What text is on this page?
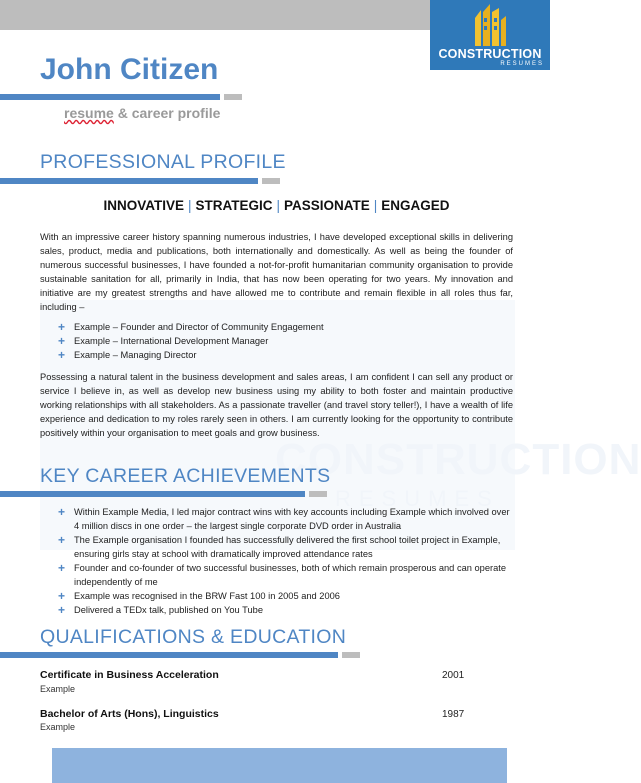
CONSTRUCTION
RESUMES
CONSTRUCTION
RESUMES
John Citizen
resume & career profile
PROFESSIONAL PROFILE
INNOVATIVE | STRATEGIC | PASSIONATE | ENGAGED
With an impressive career history spanning numerous industries, I have developed exceptional skills in delivering sales, product, media and publications, both internationally and domestically. As well as being the founder of numerous successful businesses, I have founded a not-for-profit humanitarian community organisation to provide sustainable sanitation for all, primarily in India, that has now been operating for two years. My innovation and initiative are my greatest strengths and have allowed me to contribute and remain flexible in all roles thus far, including –
+ Example – Founder and Director of Community Engagement
+ Example – International Development Manager
+ Example – Managing Director
Possessing a natural talent in the business development and sales areas, I am confident I can sell any product or service I believe in, as well as develop new business using my ability to both foster and maintain productive working relationships with all stakeholders. As a passionate traveller (and travel story teller!), I have a wealth of life experience and dedication to my roles rarely seen in others. I am currently looking for the opportunity to contribute positively within your organisation to meet goals and grow business.
KEY CAREER ACHIEVEMENTS
+ Within Example Media, I led major contract wins with key accounts including Example which involved over 4 million discs in one order – the largest single corporate DVD order in Australia
+ The Example organisation I founded has successfully delivered the first school toilet project in Example, ensuring girls stay at school with dramatically improved attendance rates
+ Founder and co-founder of two successful businesses, both of which remain prosperous and can operate independently of me
+ Example was recognised in the BRW Fast 100 in 2005 and 2006
+ Delivered a TEDx talk, published on You Tube
QUALIFICATIONS & EDUCATION
Certificate in Business Acceleration	2001
Example
Bachelor of Arts (Hons), Linguistics	1987
Example
